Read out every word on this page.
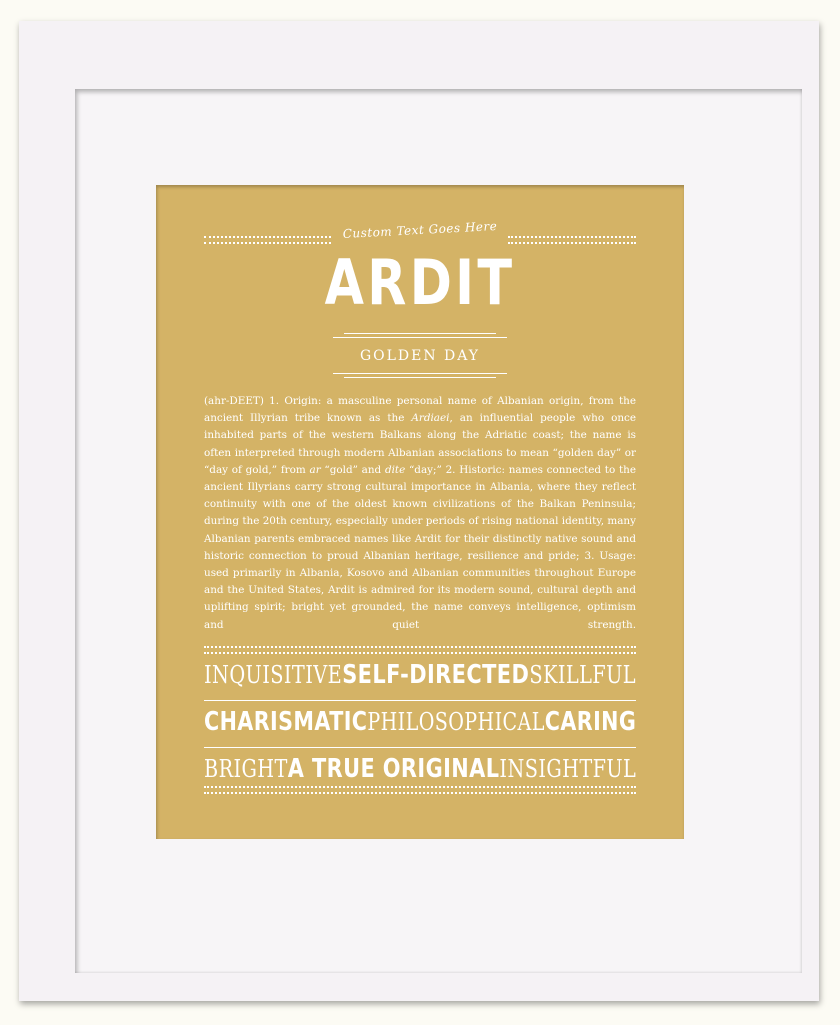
Custom Text Goes Here
ARDIT
GOLDEN DAY

(ahr-DEET) 1. Origin: a masculine personal name of Albanian origin, from the ancient Illyrian tribe known as the Ardiaei, an influential people who once inhabited parts of the western Balkans along the Adriatic coast; the name is often interpreted through modern Albanian associations to mean “golden day” or “day of gold,” from ar “gold” and dite “day;” 2. Historic: names connected to the ancient Illyrians carry strong cultural importance in Albania, where they reflect continuity with one of the oldest known civilizations of the Balkan Peninsula; during the 20th century, especially under periods of rising national identity, many Albanian parents embraced names like Ardit for their distinctly native sound and historic connection to proud Albanian heritage, resilience and pride; 3. Usage: used primarily in Albania, Kosovo and Albanian communities throughout Europe and the United States, Ardit is admired for its modern sound, cultural depth and uplifting spirit; bright yet grounded, the name conveys intelligence, optimism and quiet strength.

INQUISITIVE SELF-DIRECTED SKILLFUL
CHARISMATIC PHILOSOPHICAL CARING
BRIGHT A TRUE ORIGINAL INSIGHTFUL
